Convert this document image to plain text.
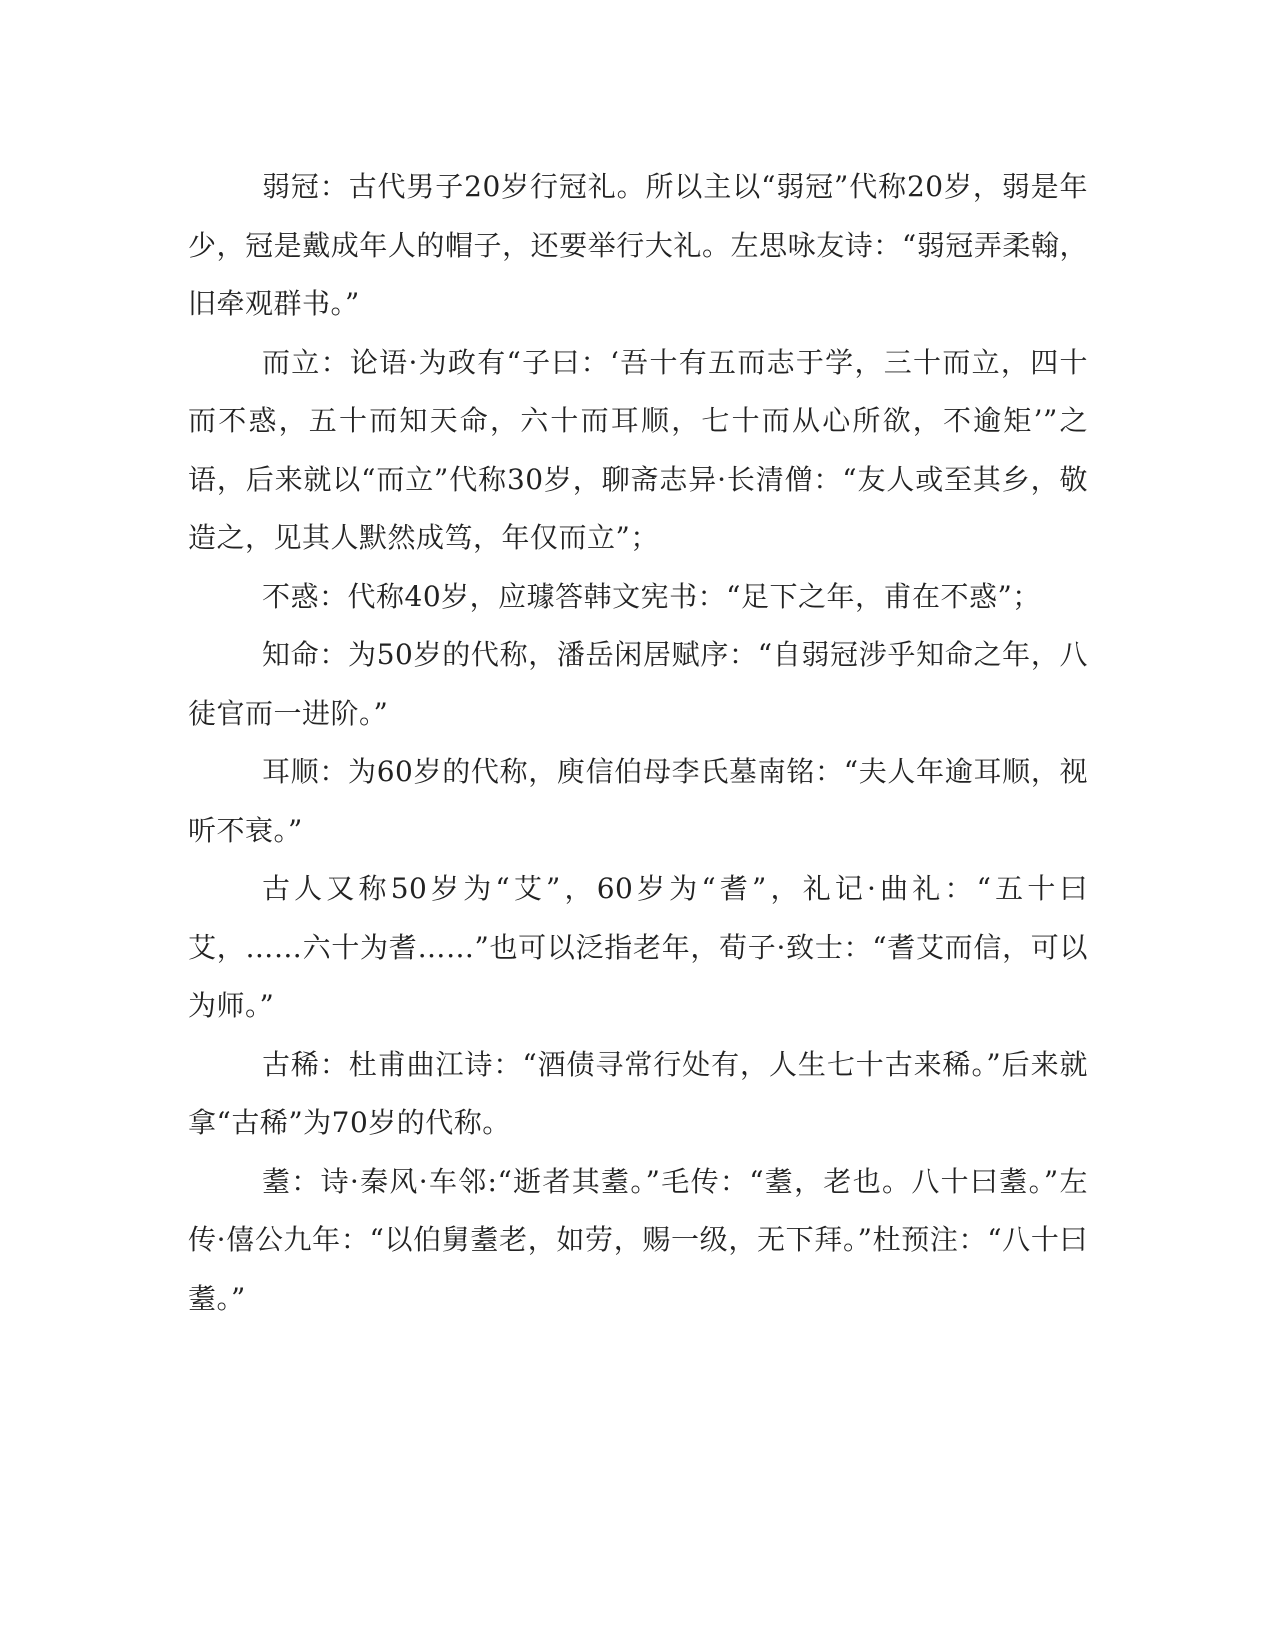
弱冠：古代男子20岁行冠礼。所以主以“弱冠”代称20岁，弱是年少，冠是戴成年人的帽子，还要举行大礼。左思咏友诗：“弱冠弄柔翰，旧牵观群书。”

而立：论语·为政有“子曰：‘吾十有五而志于学，三十而立，四十而不惑，五十而知天命，六十而耳顺，七十而从心所欲，不逾矩’”之语，后来就以“而立”代称30岁，聊斋志异·长清僧：“友人或至其乡，敬造之，见其人默然成笃，年仅而立”；

不惑：代称40岁，应璩答韩文宪书：“足下之年，甫在不惑”；

知命：为50岁的代称，潘岳闲居赋序：“自弱冠涉乎知命之年，八徒官而一进阶。”

耳顺：为60岁的代称，庾信伯母李氏墓南铭：“夫人年逾耳顺，视听不衰。”

古人又称50岁为“艾”，60岁为“耆”，礼记·曲礼：“五十曰艾，……六十为耆……”也可以泛指老年，荀子·致士：“耆艾而信，可以为师。”

古稀：杜甫曲江诗：“酒债寻常行处有，人生七十古来稀。”后来就拿“古稀”为70岁的代称。

耋：诗·秦风·车邻:“逝者其耋。”毛传：“耋，老也。八十曰耋。”左传·僖公九年：“以伯舅耋老，如劳，赐一级，无下拜。”杜预注：“八十曰耋。”
